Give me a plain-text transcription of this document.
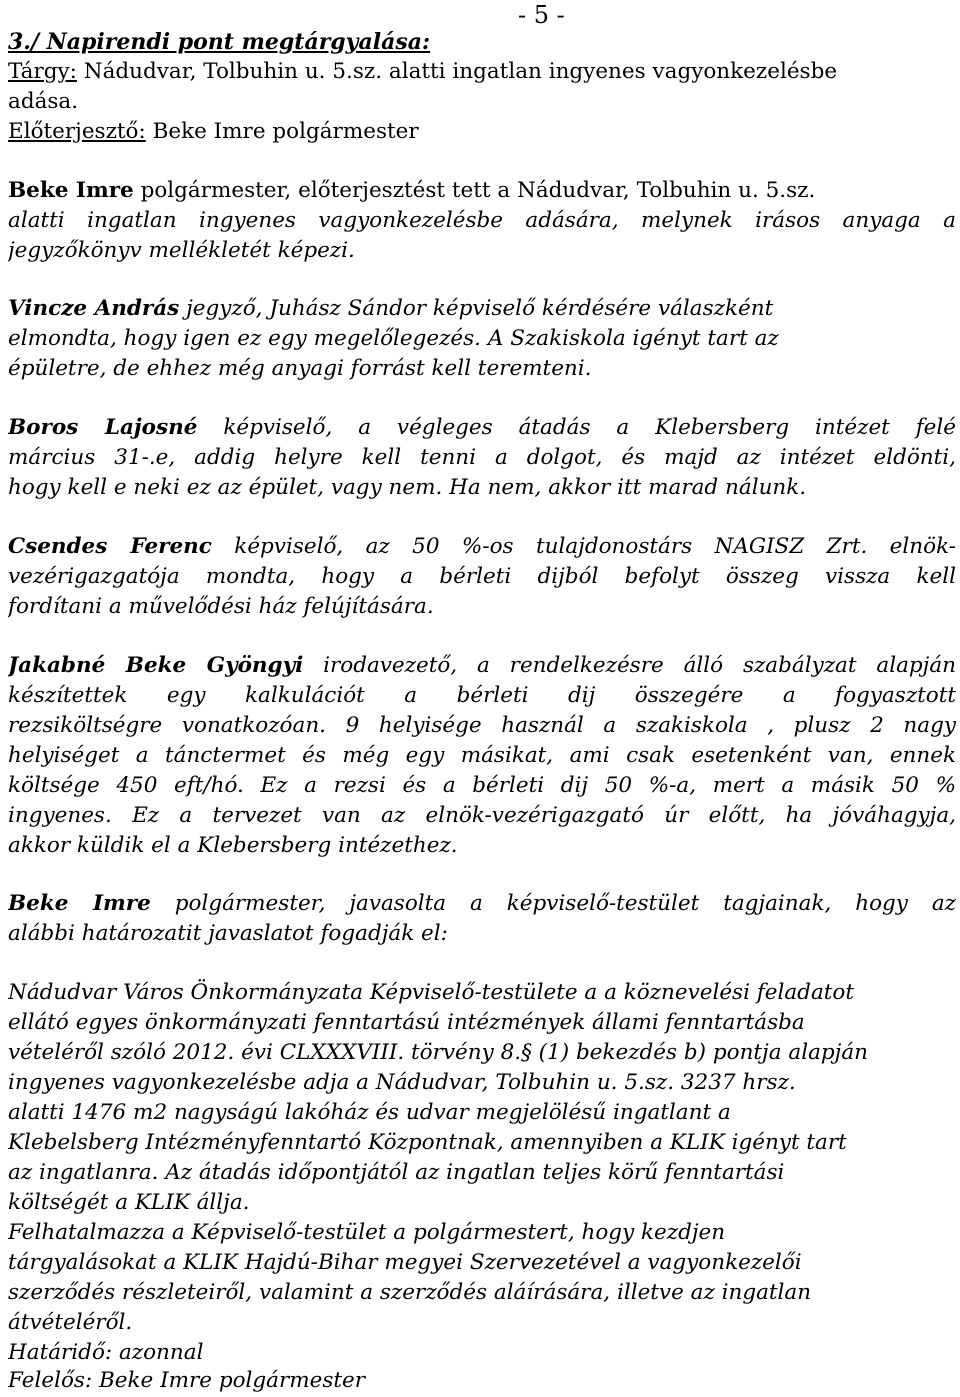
- 5 -

3./ Napirendi pont megtárgyalása:

Tárgy: Nádudvar, Tolbuhin u. 5.sz. alatti ingatlan ingyenes vagyonkezelésbe

adása.

Előterjesztő: Beke Imre polgármester

Beke Imre polgármester, előterjesztést tett a Nádudvar, Tolbuhin u. 5.sz.

alatti ingatlan ingyenes vagyonkezelésbe adására, melynek irásos anyaga a

jegyzőkönyv mellékletét képezi.

Vincze András jegyző, Juhász Sándor képviselő kérdésére válaszként

elmondta, hogy igen ez egy megelőlegezés. A Szakiskola igényt tart az

épületre, de ehhez még anyagi forrást kell teremteni.

Boros Lajosné képviselő, a végleges átadás a Klebersberg intézet felé

március 31-.e, addig helyre kell tenni a dolgot, és majd az intézet eldönti,

hogy kell e neki ez az épület, vagy nem. Ha nem, akkor itt marad nálunk.

Csendes Ferenc képviselő, az 50 %-os tulajdonostárs NAGISZ Zrt. elnök-

vezérigazgatója mondta, hogy a bérleti dijból befolyt összeg vissza kell

fordítani a művelődési ház felújítására.

Jakabné Beke Gyöngyi irodavezető, a rendelkezésre álló szabályzat alapján

készítettek egy kalkulációt a bérleti dij összegére a fogyasztott

rezsiköltségre vonatkozóan. 9 helyisége használ a szakiskola , plusz 2 nagy

helyiséget a tánctermet és még egy másikat, ami csak esetenként van, ennek

költsége 450 eft/hó. Ez a rezsi és a bérleti dij 50 %-a, mert a másik 50 %

ingyenes. Ez a tervezet van az elnök-vezérigazgató úr előtt, ha jóváhagyja,

akkor küldik el a Klebersberg intézethez.

Beke Imre polgármester, javasolta a képviselő-testület tagjainak, hogy az

alábbi határozatit javaslatot fogadják el:

Nádudvar Város Önkormányzata Képviselő-testülete a a köznevelési feladatot

ellátó egyes önkormányzati fenntartású intézmények állami fenntartásba

vételéről szóló 2012. évi CLXXXVIII. törvény 8.§ (1) bekezdés b) pontja alapján

ingyenes vagyonkezelésbe adja a Nádudvar, Tolbuhin u. 5.sz. 3237 hrsz.

alatti 1476 m2 nagyságú lakóház és udvar megjelölésű ingatlant a

Klebelsberg Intézményfenntartó Központnak, amennyiben a KLIK igényt tart

az ingatlanra. Az átadás időpontjától az ingatlan teljes körű fenntartási

költségét a KLIK állja.

Felhatalmazza a Képviselő-testület a polgármestert, hogy kezdjen

tárgyalásokat a KLIK Hajdú-Bihar megyei Szervezetével a vagyonkezelői

szerződés részleteiről, valamint a szerződés aláírására, illetve az ingatlan

átvételéről.

Határidő: azonnal

Felelős: Beke Imre polgármester
